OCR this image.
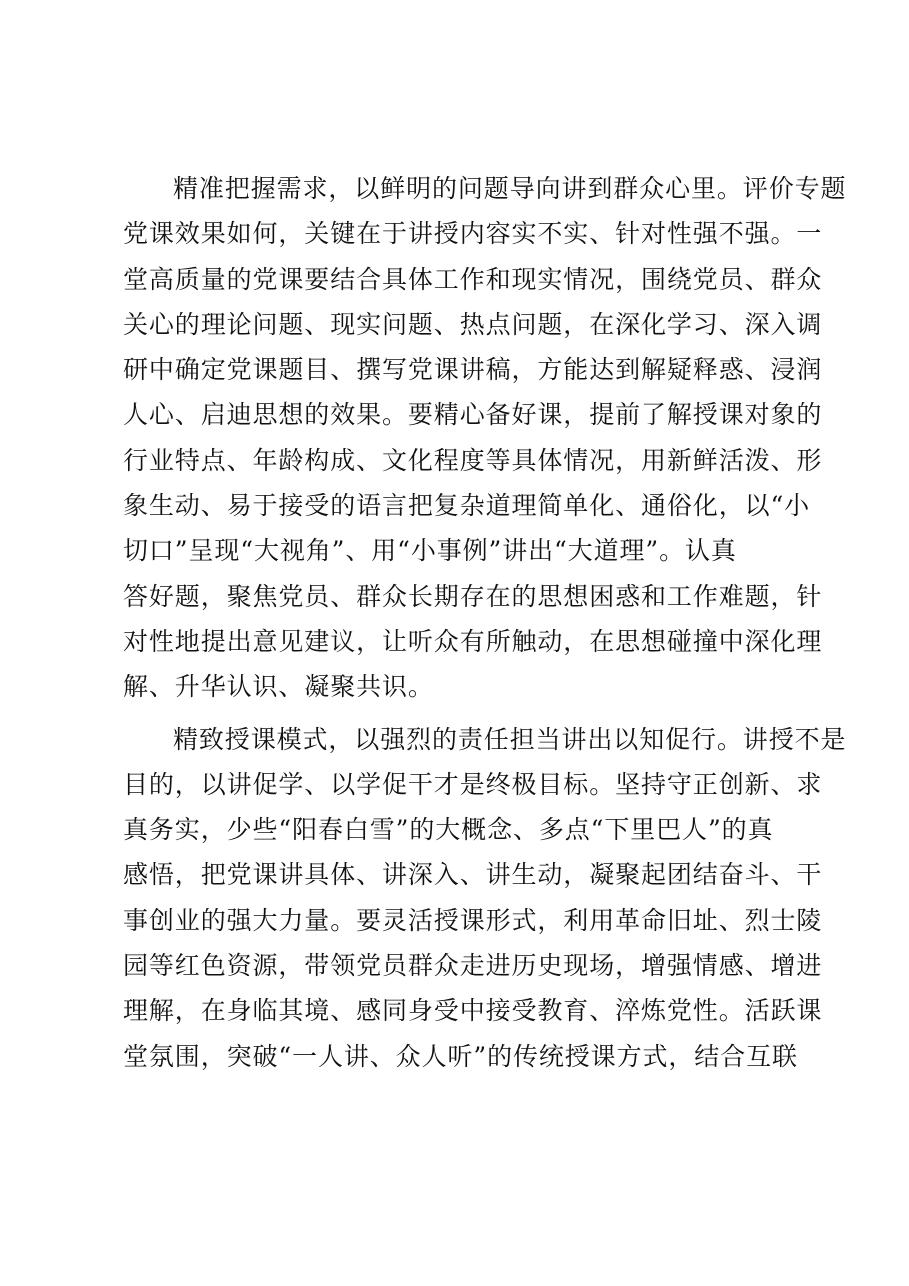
精准把握需求，以鲜明的问题导向讲到群众心里。评价专题
党课效果如何，关键在于讲授内容实不实、针对性强不强。一
堂高质量的党课要结合具体工作和现实情况，围绕党员、群众
关心的理论问题、现实问题、热点问题，在深化学习、深入调
研中确定党课题目、撰写党课讲稿，方能达到解疑释惑、浸润
人心、启迪思想的效果。要精心备好课，提前了解授课对象的
行业特点、年龄构成、文化程度等具体情况，用新鲜活泼、形
象生动、易于接受的语言把复杂道理简单化、通俗化，以“小
切口”呈现“大视角”、用“小事例”讲出“大道理”。认真
答好题，聚焦党员、群众长期存在的思想困惑和工作难题，针
对性地提出意见建议，让听众有所触动，在思想碰撞中深化理
解、升华认识、凝聚共识。
精致授课模式，以强烈的责任担当讲出以知促行。讲授不是
目的，以讲促学、以学促干才是终极目标。坚持守正创新、求
真务实，少些“阳春白雪”的大概念、多点“下里巴人”的真
感悟，把党课讲具体、讲深入、讲生动，凝聚起团结奋斗、干
事创业的强大力量。要灵活授课形式，利用革命旧址、烈士陵
园等红色资源，带领党员群众走进历史现场，增强情感、增进
理解，在身临其境、感同身受中接受教育、淬炼党性。活跃课
堂氛围，突破“一人讲、众人听”的传统授课方式，结合互联
